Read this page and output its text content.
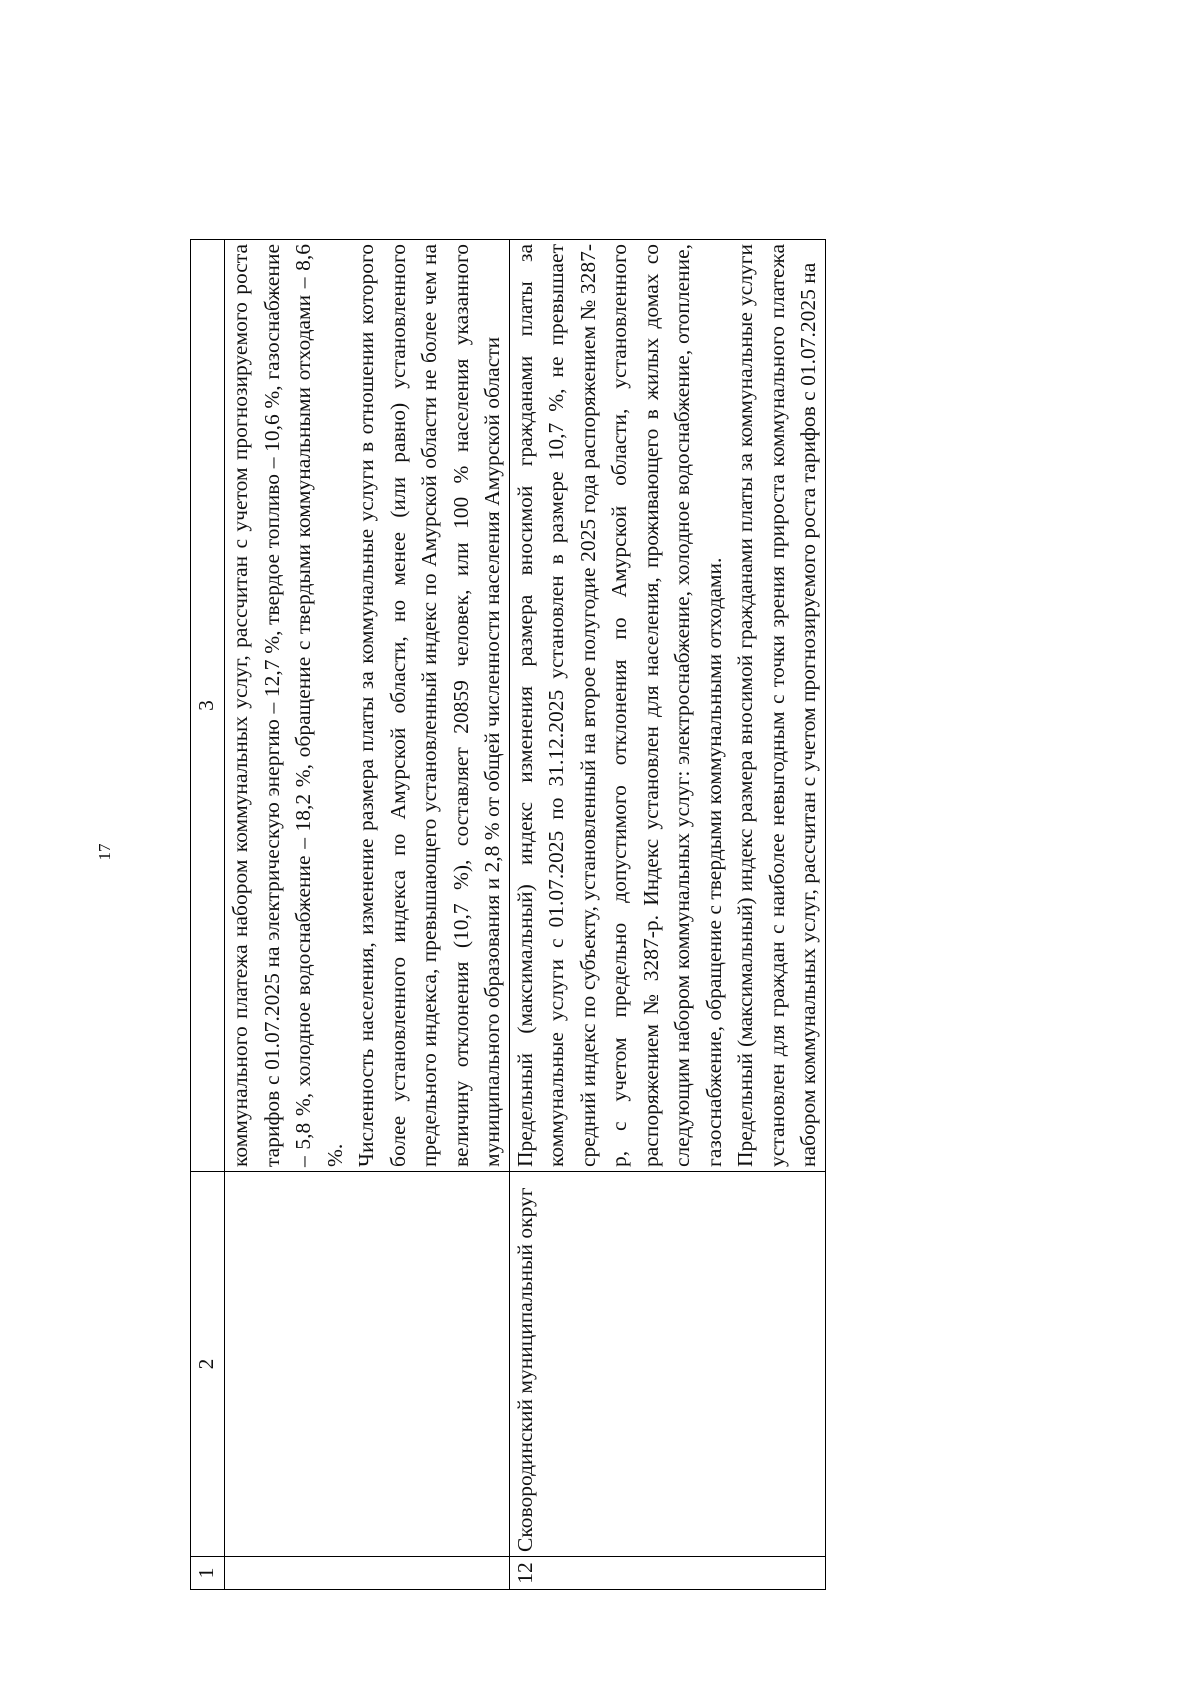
17
1	2	3

		коммунального платежа набором коммунальных услуг, рассчитан с учетом прогнозируемого роста тарифов с 01.07.2025 на электрическую энергию – 12,7 %, твердое топливо – 10,6 %, газоснабжение – 5,8 %, холодное водоснабжение – 18,2 %, обращение с твердыми коммунальными отходами – 8,6 %. Численность населения, изменение размера платы за коммунальные услуги в отношении которого более установленного индекса по Амурской области, но менее (или равно) установленного предельного индекса, превышающего установленный индекс по Амурской области не более чем на величину отклонения (10,7 %), составляет 20859 человек, или 100 % населения указанного муниципального образования и 2,8 % от общей численности населения Амурской области

12	Сковородинский муниципальный округ	Предельный (максимальный) индекс изменения размера вносимой гражданами платы за коммунальные услуги с 01.07.2025 по 31.12.2025 установлен в размере 10,7 %, не превышает средний индекс по субъекту, установленный на второе полугодие 2025 года распоряжением № 3287-р, с учетом предельно допустимого отклонения по Амурской области, установленного распоряжением № 3287-р. Индекс установлен для населения, проживающего в жилых домах со следующим набором коммунальных услуг: электроснабжение, холодное водоснабжение, отопление, газоснабжение, обращение с твердыми коммунальными отходами. Предельный (максимальный) индекс размера вносимой гражданами платы за коммунальные услуги установлен для граждан с наиболее невыгодным с точки зрения прироста коммунального платежа набором коммунальных услуг, рассчитан с учетом прогнозируемого роста тарифов с 01.07.2025 на
